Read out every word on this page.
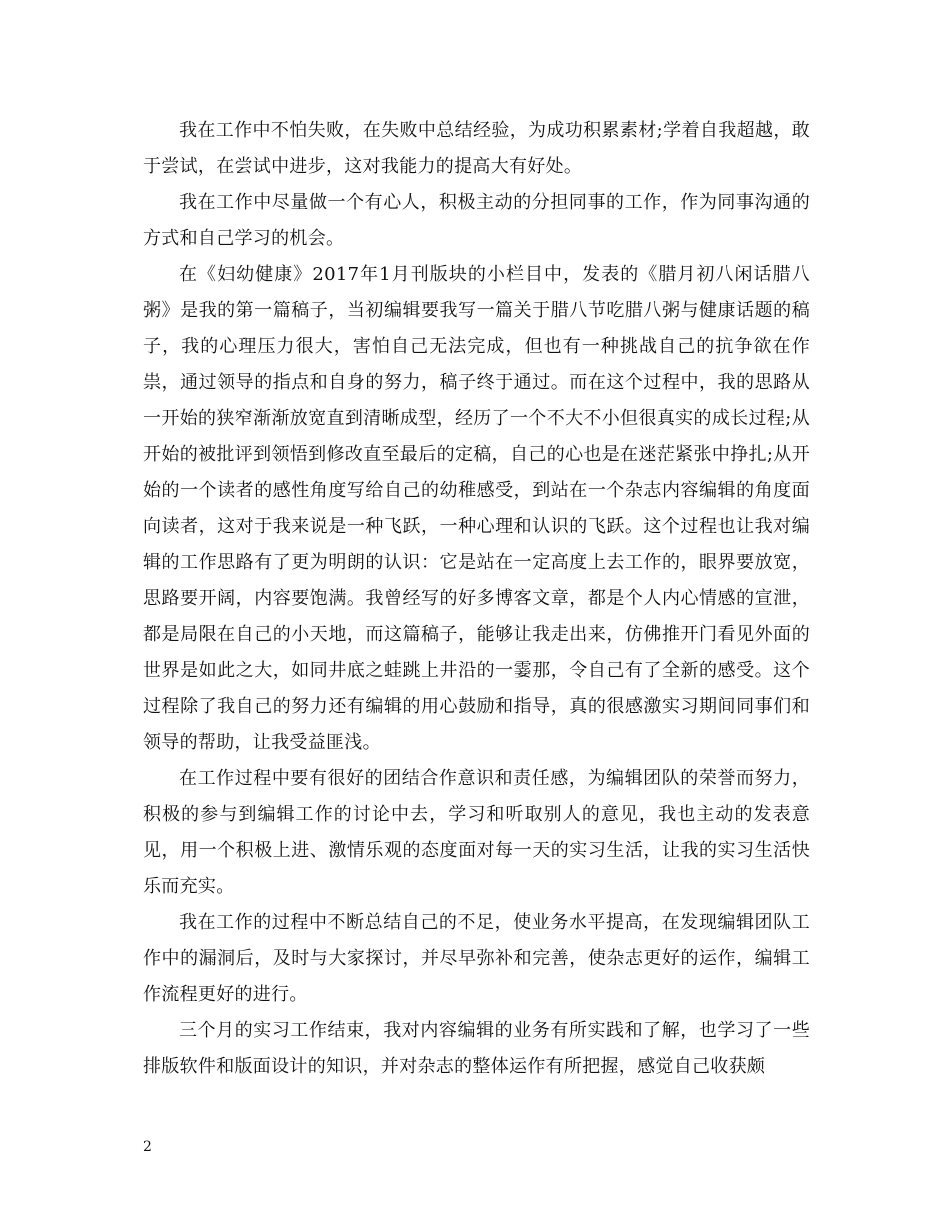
我在工作中不怕失败，在失败中总结经验，为成功积累素材;学着自我超越，敢于尝试，在尝试中进步，这对我能力的提高大有好处。

我在工作中尽量做一个有心人，积极主动的分担同事的工作，作为同事沟通的方式和自己学习的机会。

在《妇幼健康》2017年1月刊版块的小栏目中，发表的《腊月初八闲话腊八粥》是我的第一篇稿子，当初编辑要我写一篇关于腊八节吃腊八粥与健康话题的稿子，我的心理压力很大，害怕自己无法完成，但也有一种挑战自己的抗争欲在作祟，通过领导的指点和自身的努力，稿子终于通过。而在这个过程中，我的思路从一开始的狭窄渐渐放宽直到清晰成型，经历了一个不大不小但很真实的成长过程;从开始的被批评到领悟到修改直至最后的定稿，自己的心也是在迷茫紧张中挣扎;从开始的一个读者的感性角度写给自己的幼稚感受，到站在一个杂志内容编辑的角度面向读者，这对于我来说是一种飞跃，一种心理和认识的飞跃。这个过程也让我对编辑的工作思路有了更为明朗的认识：它是站在一定高度上去工作的，眼界要放宽，思路要开阔，内容要饱满。我曾经写的好多博客文章，都是个人内心情感的宣泄，都是局限在自己的小天地，而这篇稿子，能够让我走出来，仿佛推开门看见外面的世界是如此之大，如同井底之蛙跳上井沿的一霎那，令自己有了全新的感受。这个过程除了我自己的努力还有编辑的用心鼓励和指导，真的很感激实习期间同事们和领导的帮助，让我受益匪浅。

在工作过程中要有很好的团结合作意识和责任感，为编辑团队的荣誉而努力，积极的参与到编辑工作的讨论中去，学习和听取别人的意见，我也主动的发表意见，用一个积极上进、激情乐观的态度面对每一天的实习生活，让我的实习生活快乐而充实。

我在工作的过程中不断总结自己的不足，使业务水平提高，在发现编辑团队工作中的漏洞后，及时与大家探讨，并尽早弥补和完善，使杂志更好的运作，编辑工作流程更好的进行。

三个月的实习工作结束，我对内容编辑的业务有所实践和了解，也学习了一些排版软件和版面设计的知识，并对杂志的整体运作有所把握，感觉自己收获颇

2
